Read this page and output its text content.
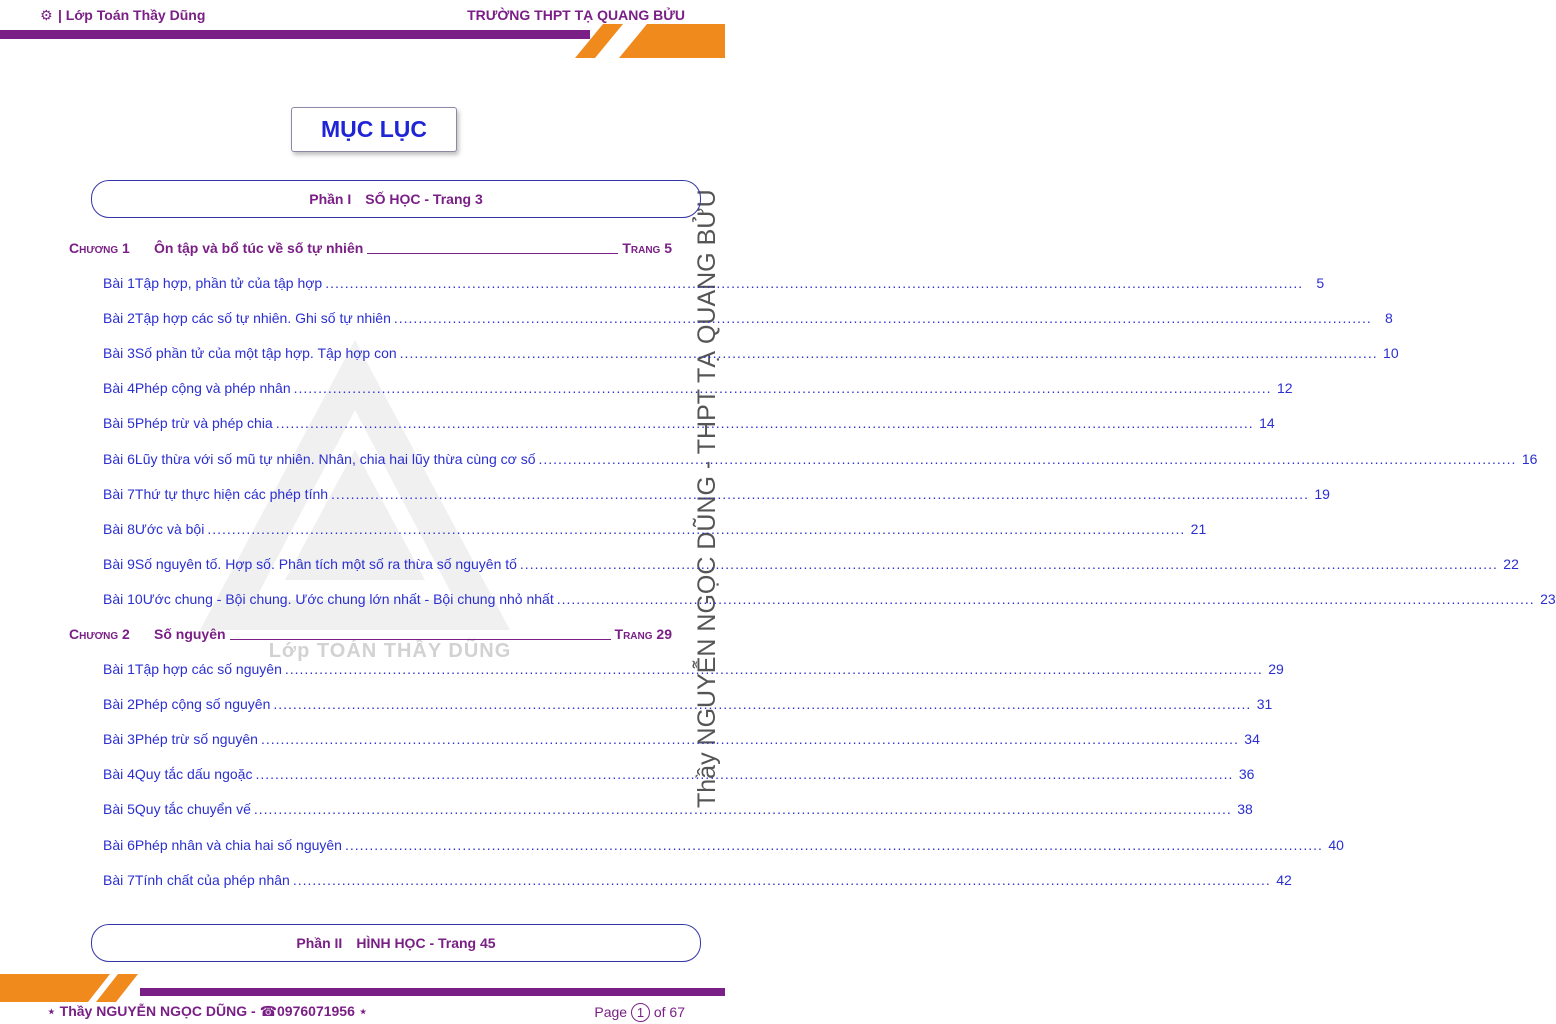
⚙ | Lớp Toán Thầy Dũng	TRƯỜNG THPT TẠ QUANG BỬU
Lớp TOÁN THẦY DŨNG	Thầy NGUYỄN NGỌC DŨNG - THPT TẠ QUANG BỬU
MỤC LỤC
Phần I SỐ HỌC - Trang 3
Chương 1	Ôn tập và bổ túc về số tự nhiên	Trang 5
Bài 1 Tập hợp, phần tử của tập hợp ........................................................................................................................................................................................................ 5
Bài 2 Tập hợp các số tự nhiên. Ghi số tự nhiên ........................................................................................................................................................................................................ 8
Bài 3 Số phần tử của một tập hợp. Tập hợp con ........................................................................................................................................................................................................ 10
Bài 4 Phép cộng và phép nhân ........................................................................................................................................................................................................ 12
Bài 5 Phép trừ và phép chia ........................................................................................................................................................................................................ 14
Bài 6 Lũy thừa với số mũ tự nhiên. Nhân, chia hai lũy thừa cùng cơ số ........................................................................................................................................................................................................ 16
Bài 7 Thứ tự thực hiện các phép tính ........................................................................................................................................................................................................ 19
Bài 8 Ước và bội ........................................................................................................................................................................................................ 21
Bài 9 Số nguyên tố. Hợp số. Phân tích một số ra thừa số nguyên tố ........................................................................................................................................................................................................ 22
Bài 10 Ước chung - Bội chung. Ước chung lớn nhất - Bội chung nhỏ nhất ........................................................................................................................................................................................................ 23
Chương 2	Số nguyên	Trang 29
Bài 1 Tập hợp các số nguyên ........................................................................................................................................................................................................ 29
Bài 2 Phép cộng số nguyên ........................................................................................................................................................................................................ 31
Bài 3 Phép trừ số nguyên ........................................................................................................................................................................................................ 34
Bài 4 Quy tắc dấu ngoặc ........................................................................................................................................................................................................ 36
Bài 5 Quy tắc chuyển vế ........................................................................................................................................................................................................ 38
Bài 6 Phép nhân và chia hai số nguyên ........................................................................................................................................................................................................ 40
Bài 7 Tính chất của phép nhân ........................................................................................................................................................................................................ 42
Phần II HÌNH HỌC - Trang 45
⋆ Thầy NGUYỄN NGỌC DŨNG - ☎0976071956 ⋆	Page 1 of 67
